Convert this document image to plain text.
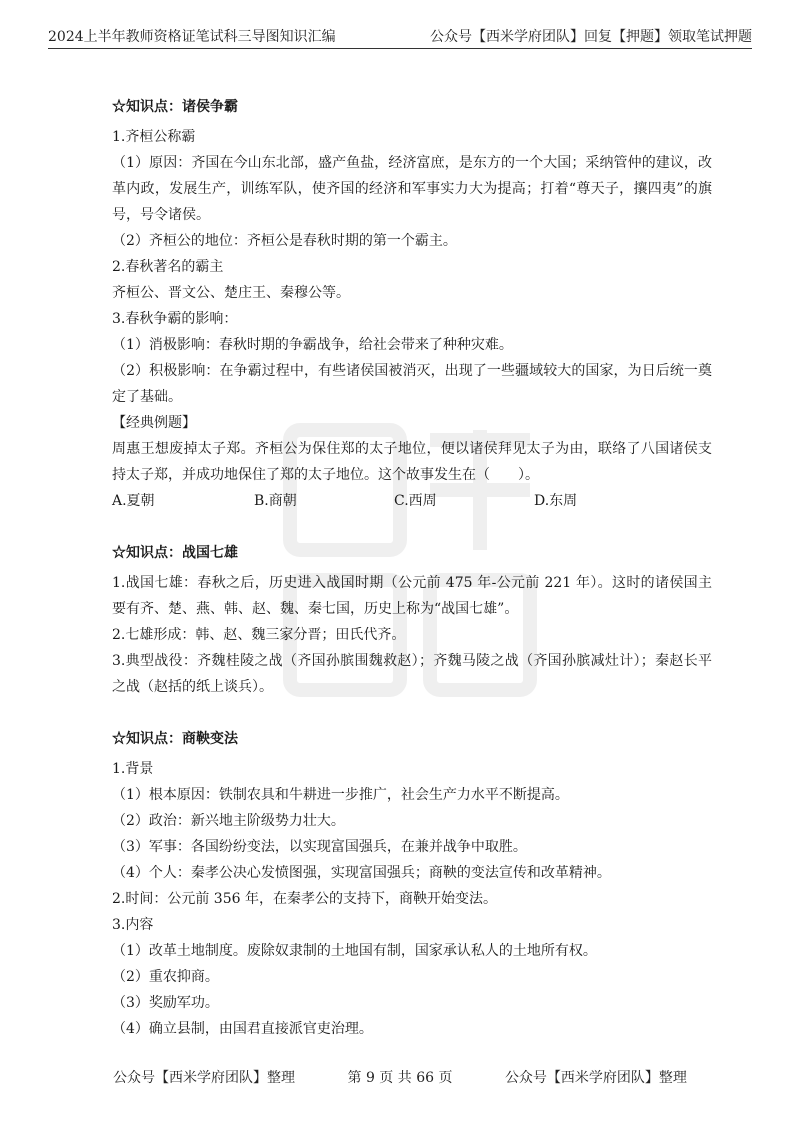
2024上半年教师资格证笔试科三导图知识汇编	公众号【西米学府团队】回复【押题】领取笔试押题
☆知识点：诸侯争霸

1.齐桓公称霸

（1）原因：齐国在今山东北部，盛产鱼盐，经济富庶，是东方的一个大国；采纳管仲的建议，改革内政，发展生产，训练军队，使齐国的经济和军事实力大为提高；打着“尊天子，攘四夷”的旗号，号令诸侯。

（2）齐桓公的地位：齐桓公是春秋时期的第一个霸主。

2.春秋著名的霸主

齐桓公、晋文公、楚庄王、秦穆公等。

3.春秋争霸的影响：

（1）消极影响：春秋时期的争霸战争，给社会带来了种种灾难。

（2）积极影响：在争霸过程中，有些诸侯国被消灭，出现了一些疆域较大的国家，为日后统一奠定了基础。

【经典例题】

周惠王想废掉太子郑。齐桓公为保住郑的太子地位，便以诸侯拜见太子为由，联络了八国诸侯支持太子郑，并成功地保住了郑的太子地位。这个故事发生在（　　）。

A.夏朝	B.商朝	C.西周	D.东周
☆知识点：战国七雄

1.战国七雄：春秋之后，历史进入战国时期（公元前 475 年-公元前 221 年）。这时的诸侯国主要有齐、楚、燕、韩、赵、魏、秦七国，历史上称为“战国七雄”。

2.七雄形成：韩、赵、魏三家分晋；田氏代齐。

3.典型战役：齐魏桂陵之战（齐国孙膑围魏救赵）；齐魏马陵之战（齐国孙膑减灶计）；秦赵长平之战（赵括的纸上谈兵）。

☆知识点：商鞅变法

1.背景

（1）根本原因：铁制农具和牛耕进一步推广，社会生产力水平不断提高。

（2）政治：新兴地主阶级势力壮大。

（3）军事：各国纷纷变法，以实现富国强兵，在兼并战争中取胜。

（4）个人：秦孝公决心发愤图强，实现富国强兵；商鞅的变法宣传和改革精神。

2.时间：公元前 356 年，在秦孝公的支持下，商鞅开始变法。

3.内容

（1）改革土地制度。废除奴隶制的土地国有制，国家承认私人的土地所有权。

（2）重农抑商。

（3）奖励军功。

（4）确立县制，由国君直接派官吏治理。

公众号【西米学府团队】整理	第 9 页 共 66 页	公众号【西米学府团队】整理
